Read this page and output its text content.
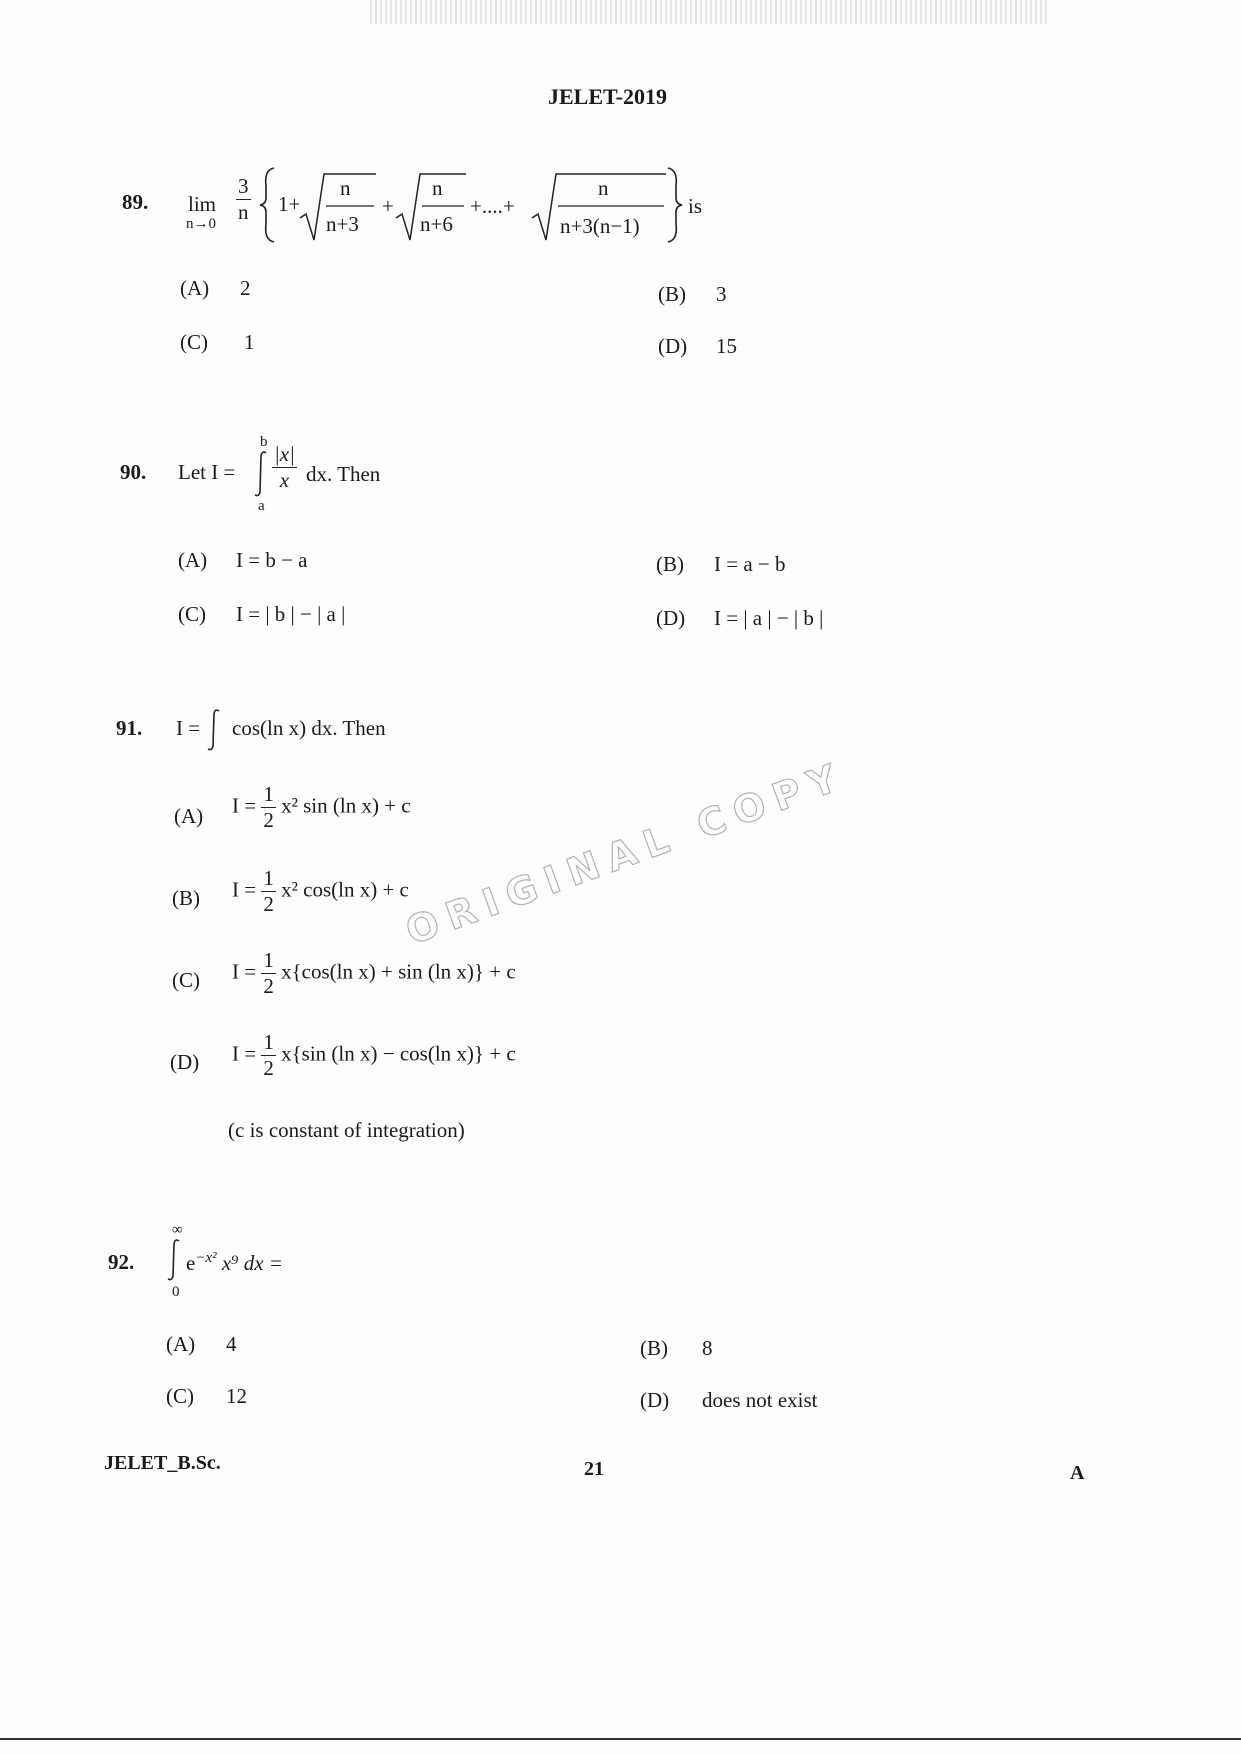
JELET-2019
89. lim
n→0
$\frac{3}{n} 1+$
n
n+3
+
n
n+6
+....+
n
n+3(n−1)
is
(A) 2	(B) 3
(C) 1	(D) 15
90. Let I =
b
a
$\frac{|x|}{x}$ dx. Then
(A) I = b − a	(B) I = a − b
(C) I = | b | − | a |	(D) I = | a | − | b |
91. I = cos(ln x) dx. Then
(A) $I = \frac{1}{2} x^2$ sin (ln x) + c
(B) $I = \frac{1}{2} x^2$ cos(ln x) + c
(C) $I = \frac{1}{2} x\{\cos(\ln$ x) + sin (ln x)} + c
(D) $I = \frac{1}{2} x\{\sin$ (ln x) − cos(ln x)} + c
(c is constant of integration)
ORIGINAL COPY
92.
∞
0
$e^{-x^2}$ x⁹ dx =
(A) 4	(B) 8
(C) 12	(D) does not exist
JELET_B.Sc.	21	A
